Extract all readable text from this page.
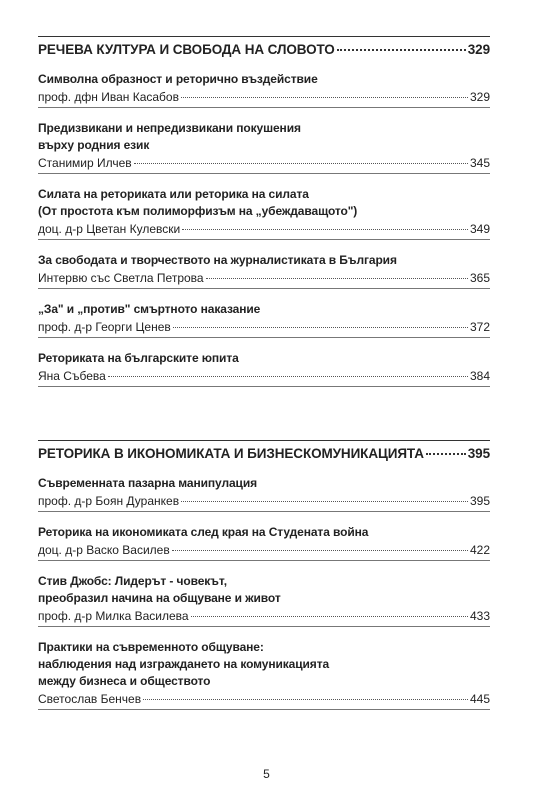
РЕЧЕВА КУЛТУРА И СВОБОДА НА СЛОВОТО	329
Символна образност и реторично въздействие
проф. дфн Иван Касабов	329
Предизвикани и непредизвикани покушения
върху родния език
Станимир Илчев	345
Силата на реториката или реторика на силата
(От простота към полиморфизъм на „убеждаващото")
доц. д-р Цветан Кулевски	349
За свободата и творчеството на журналистиката в България
Интервю със Светла Петрова	365
„За" и „против" смъртното наказание
проф. д-р Георги Ценев	372
Реториката на българските юпита
Яна Събева	384
РЕТОРИКА В ИКОНОМИКАТА И БИЗНЕСКОМУНИКАЦИЯТА	395
Съвременната пазарна манипулация
проф. д-р Боян Дуранкев	395
Реторика на икономиката след края на Студената война
доц. д-р Васко Василев	422
Стив Джобс: Лидерът - човекът,
преобразил начина на общуване и живот
проф. д-р Милка Василева	433
Практики на съвременното общуване:
наблюдения над изграждането на комуникацията
между бизнеса и обществото
Светослав Бенчев	445
5
